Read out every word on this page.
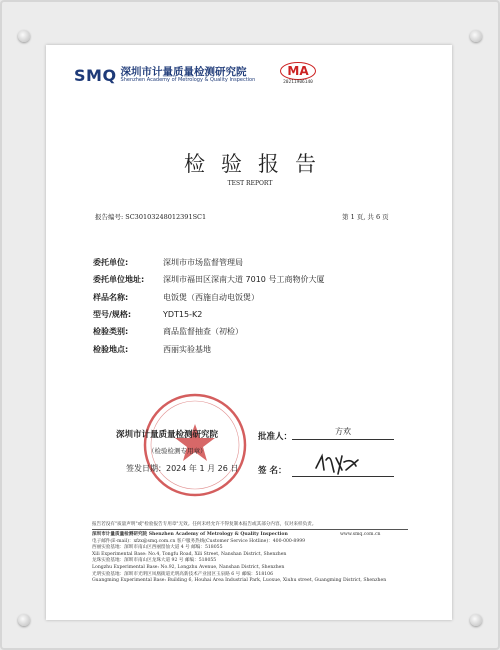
SMQ 深圳市计量质量检测研究院
Shenzhen Academy of Metrology & Quality Inspection
MA
20211906140
检验报告
TEST REPORT
报告编号: SC30103248012391SC1	第 1 页, 共 6 页
委托单位:	深圳市市场监督管理局
委托单位地址:	深圳市福田区深南大道 7010 号工商物价大厦
样品名称:	电饭煲（西施自动电饭煲）
型号/规格:	YDT15-K2
检验类别:	商品监督抽查（初检）
检验地点:	西丽实验基地
深圳市计量质量检测研究院
（检验检测专用章）
签发日期：2024 年 1 月 26 日
批准人：
方欢
签 名：
报告若没有"质量声明"或"检验报告专用章"无效。任何未经允许不得复制本报告或其部分内容，仅对来样负责。
www.smq.com.cn
深圳市计量质量检测研究院 Shenzhen Academy of Metrology & Quality Inspection
电子邮件(E-mail)：xfzx@smq.com.cn 客户服务热线(Customer Service Hotline)：400-000-8999
西丽实验基地：深圳市南山区西丽留仙大道 4 号 邮编：518055
Xili Experimental Base: No.4, Tongfu Road, Xili Street, Nanshan District, Shenzhen
龙珠实验基地：深圳市南山区龙珠大道 92 号 邮编：518055
Longzhu Experimental Base: No.92, Longzhu Avenue, Nanshan District, Shenzhen
光明实验基地：深圳市光明区凤凰街道光明高新技术产业园区玉泉路 6 号 邮编：518106
Guangming Experimental Base: Building 6, Houhai Area Industrial Park, Luoxue, Xiuhu street, Guangming District, Shenzhen
